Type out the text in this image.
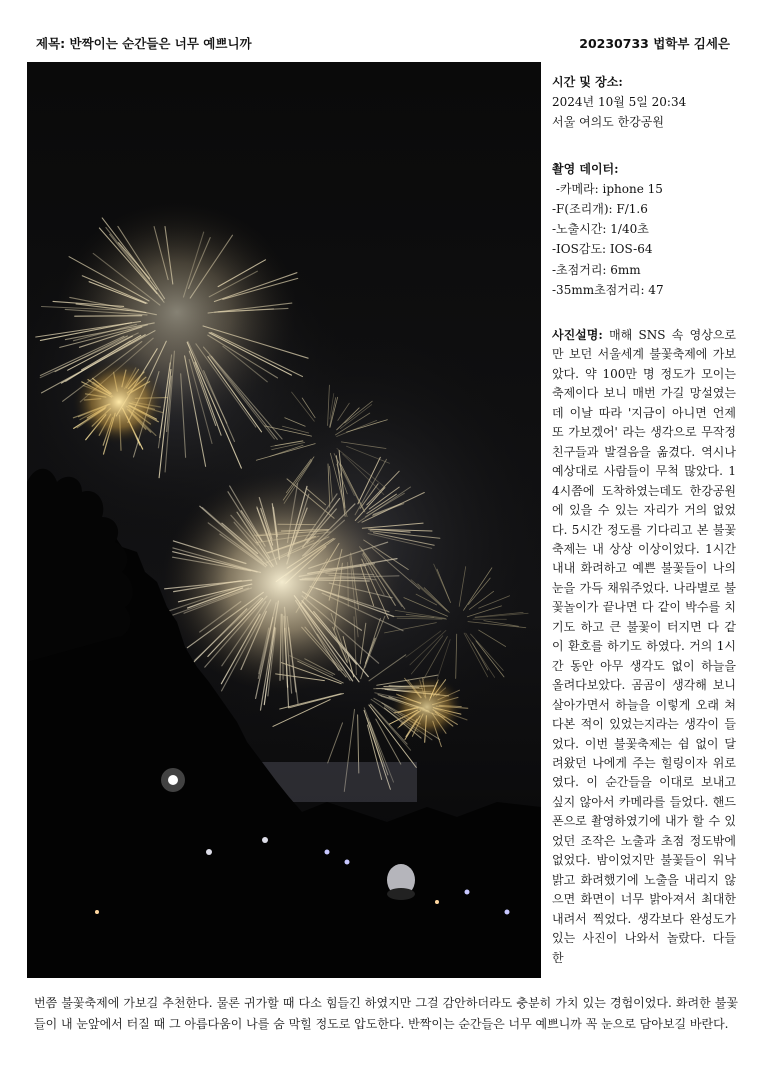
제목: 반짝이는 순간들은 너무 예쁘니까	20230733 법학부 김세은
시간 및 장소:
2024년 10월 5일 20:34
서울 여의도 한강공원
촬영 데이터:
-카메라: iphone 15
-F(조리개): F/1.6
-노출시간: 1/40초
-IOS감도: IOS-64
-초점거리: 6mm
-35mm초점거리: 47
사진설명: 매해 SNS 속 영상으로만 보던 서울세계 불꽃축제에 가보았다. 약 100만 명 정도가 모이는 축제이다 보니 매번 가길 망설였는데 이날 따라 '지금이 아니면 언제 또 가보겠어' 라는 생각으로 무작정 친구들과 발걸음을 옮겼다. 역시나 예상대로 사람들이 무척 많았다. 14시쯤에 도착하였는데도 한강공원에 있을 수 있는 자리가 거의 없었다. 5시간 정도를 기다리고 본 불꽃축제는 내 상상 이상이었다. 1시간 내내 화려하고 예쁜 불꽃들이 나의 눈을 가득 채워주었다. 나라별로 불꽃놀이가 끝나면 다 같이 박수를 치기도 하고 큰 불꽃이 터지면 다 같이 환호를 하기도 하였다. 거의 1시간 동안 아무 생각도 없이 하늘을 올려다보았다. 곰곰이 생각해 보니 살아가면서 하늘을 이렇게 오래 쳐다본 적이 있었는지라는 생각이 들었다. 이번 불꽃축제는 쉼 없이 달려왔던 나에게 주는 힐링이자 위로였다. 이 순간들을 이대로 보내고 싶지 않아서 카메라를 들었다. 핸드폰으로 촬영하였기에 내가 할 수 있었던 조작은 노출과 초점 정도밖에 없었다. 밤이었지만 불꽃들이 워낙 밝고 화려했기에 노출을 내리지 않으면 화면이 너무 밝아져서 최대한 내려서 찍었다. 생각보다 완성도가 있는 사진이 나와서 놀랐다. 다들 한
번쯤 불꽃축제에 가보길 추천한다. 물론 귀가할 때 다소 힘들긴 하였지만 그걸 감안하더라도 충분히 가치 있는 경험이었다. 화려한 불꽃들이 내 눈앞에서 터질 때 그 아름다움이 나를 숨 막힐 정도로 압도한다. 반짝이는 순간들은 너무 예쁘니까 꼭 눈으로 담아보길 바란다.
